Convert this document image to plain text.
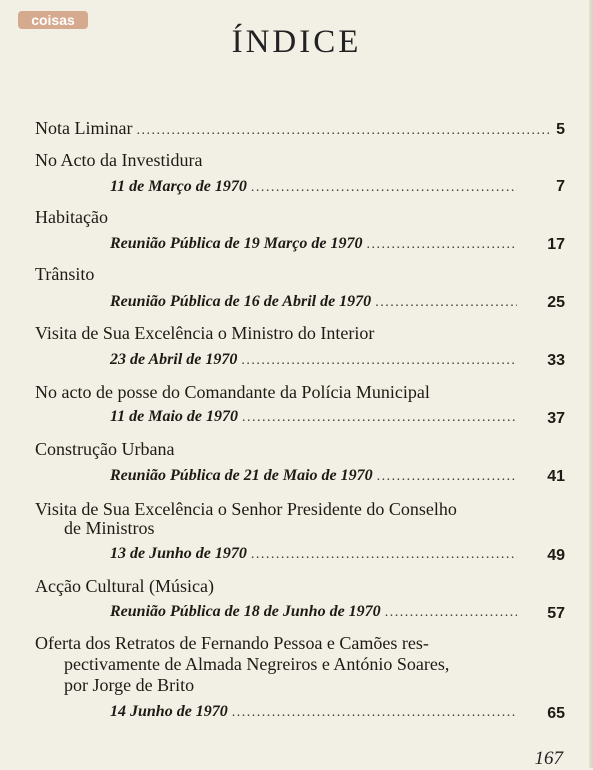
coisas
ÍNDICE
Nota Liminar . . .	5
No Acto da Investidura
11 de Março de 1970 . . .	7
Habitação
Reunião Pública de 19 Março de 1970 . . .	17
Trânsito
Reunião Pública de 16 de Abril de 1970 . . .	25
Visita de Sua Excelência o Ministro do Interior
23 de Abril de 1970 . . .	33
No acto de posse do Comandante da Polícia Municipal
11 de Maio de 1970 . . .	37
Construção Urbana
Reunião Pública de 21 de Maio de 1970 . . .	41
Visita de Sua Excelência o Senhor Presidente do Conselho
de Ministros
13 de Junho de 1970 . . .	49
Acção Cultural (Música)
Reunião Pública de 18 de Junho de 1970 . . .	57
Oferta dos Retratos de Fernando Pessoa e Camões res-
pectivamente de Almada Negreiros e António Soares,
por Jorge de Brito
14 Junho de 1970 . . .	65
167
